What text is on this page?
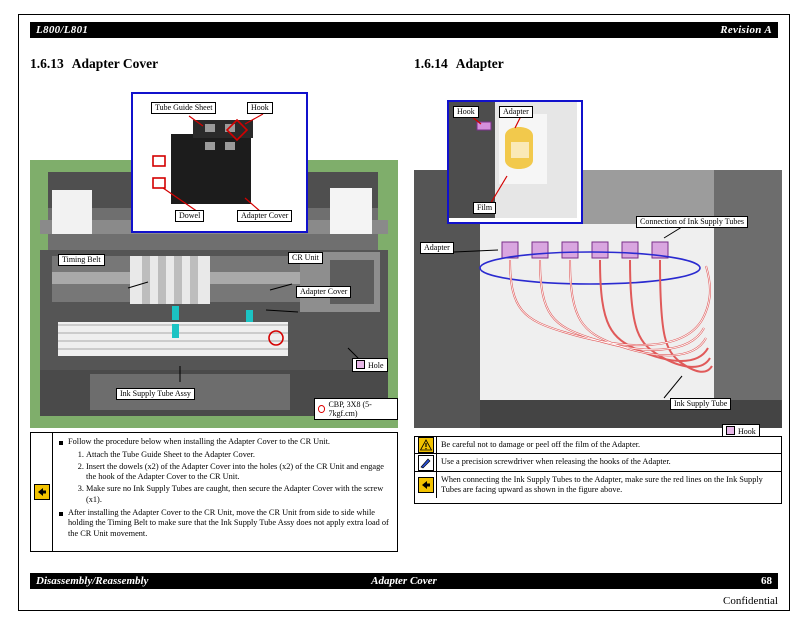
L800/L801	Revision A
1.6.13 Adapter Cover	1.6.14 Adapter
Timing Belt	CR Unit
Adapter Cover
Ink Supply Tube Assy
Hole
CBP, 3X8 (5-7kgf.cm)
Tube Guide Sheet	Hook
Dowel	Adapter Cover
Adapter
Connection of Ink Supply Tubes
Ink Supply Tube
Hook
Hook	Adapter
Film
Follow the procedure below when installing the Adapter Cover to the CR Unit.
1. Attach the Tube Guide Sheet to the Adapter Cover.
2. Insert the dowels (x2) of the Adapter Cover into the holes (x2) of the CR Unit and engage the hook of the Adapter Cover to the CR Unit.
3. Make sure no Ink Supply Tubes are caught, then secure the Adapter Cover with the screw (x1).
After installing the Adapter Cover to the CR Unit, move the CR Unit from side to side while holding the Timing Belt to make sure that the Ink Supply Tube Assy does not apply extra load of the CR Unit movement.
Be careful not to damage or peel off the film of the Adapter.
Use a precision screwdriver when releasing the hooks of the Adapter.
When connecting the Ink Supply Tubes to the Adapter, make sure the red lines on the Ink Supply Tubes are facing upward as shown in the figure above.
Disassembly/Reassembly	Adapter Cover	68
Confidential
